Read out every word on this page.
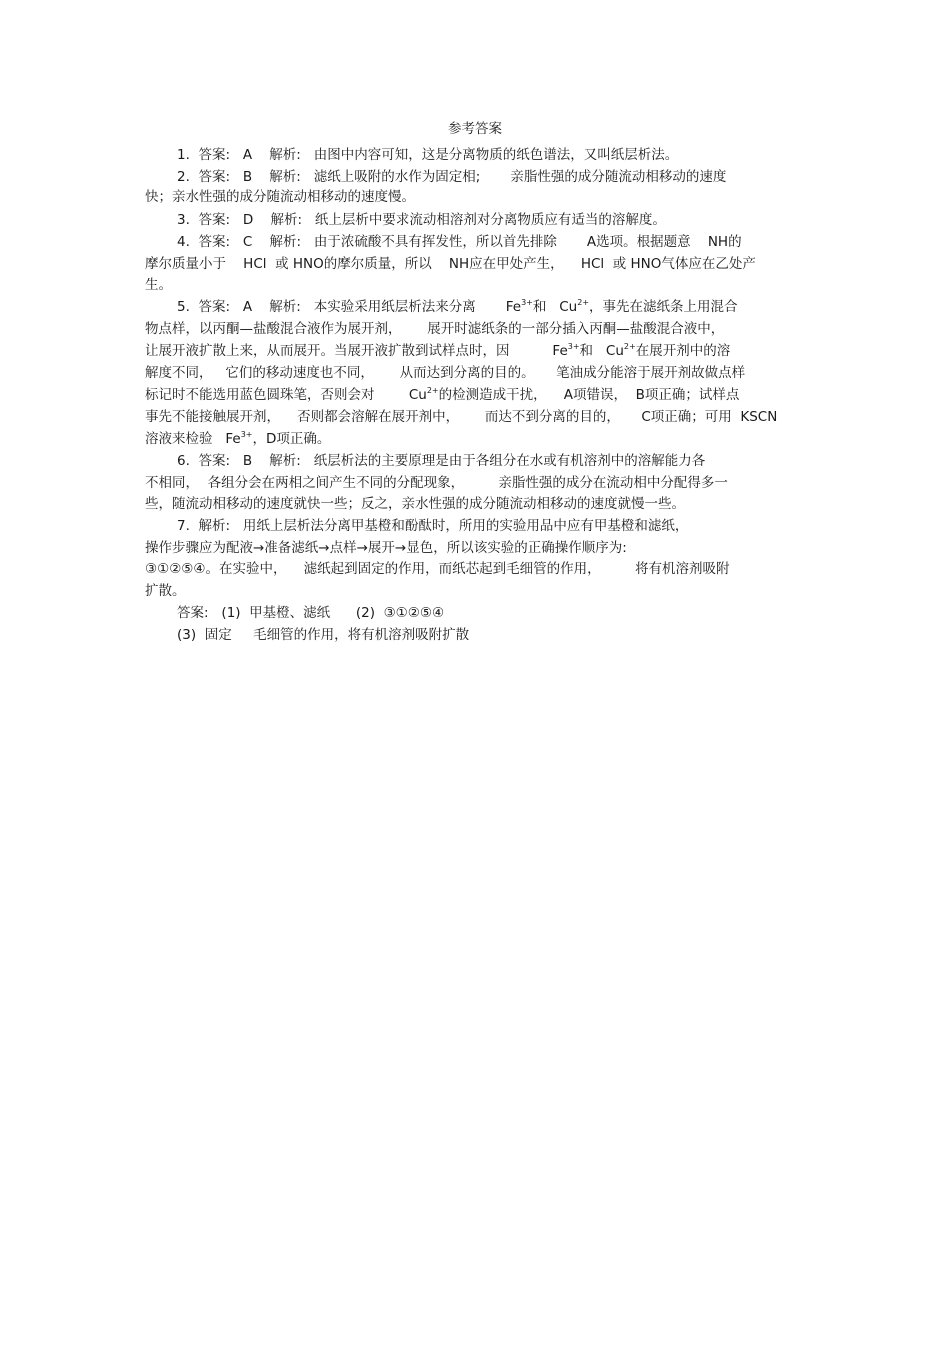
参考答案
1.  答案:   A    解析:   由图中内容可知，这是分离物质的纸色谱法，又叫纸层析法。
2.  答案:   B    解析:   滤纸上吸附的水作为固定相;       亲脂性强的成分随流动相移动的速度
快；亲水性强的成分随流动相移动的速度慢。
3.  答案:   D    解析:   纸上层析中要求流动相溶剂对分离物质应有适当的溶解度。
4.  答案:   C    解析:   由于浓硫酸不具有挥发性，所以首先排除       A选项。根据题意    NH的
摩尔质量小于    HCl  或 HNO的摩尔质量，所以    NH应在甲处产生，    HCl  或 HNO气体应在乙处产
生。
5.  答案:   A    解析:   本实验采用纸层析法来分离       $Fe^{3+}$和   $Cu^{2+}$，事先在滤纸条上用混合
物点样，以丙酮—盐酸混合液作为展开剂，      展开时滤纸条的一部分插入丙酮—盐酸混合液中，
让展开液扩散上来，从而展开。当展开液扩散到试样点时，因          $Fe^{3+}$和   $Cu^{2+}$在展开剂中的溶
解度不同，   它们的移动速度也不同，      从而达到分离的目的。     笔油成分能溶于展开剂故做点样
标记时不能选用蓝色圆珠笔，否则会对        $Cu^{2+}$的检测造成干扰，    A项错误，  B项正确；试样点
事先不能接触展开剂，    否则都会溶解在展开剂中，      而达不到分离的目的，     C项正确；可用  KSCN
溶液来检验   $Fe^{3+}$，D项正确。
6.  答案:   B    解析:   纸层析法的主要原理是由于各组分在水或有机溶剂中的溶解能力各
不相同，  各组分会在两相之间产生不同的分配现象，        亲脂性强的成分在流动相中分配得多一
些，随流动相移动的速度就快一些；反之，亲水性强的成分随流动相移动的速度就慢一些。
7.  解析:   用纸上层析法分离甲基橙和酚酞时，所用的实验用品中应有甲基橙和滤纸，
操作步骤应为配液→准备滤纸→点样→展开→显色，所以该实验的正确操作顺序为:
③①②⑤④。在实验中，    滤纸起到固定的作用，而纸芯起到毛细管的作用，        将有机溶剂吸附
扩散。
答案:   (1)  甲基橙、滤纸      (2)  ③①②⑤④
(3)  固定     毛细管的作用，将有机溶剂吸附扩散
